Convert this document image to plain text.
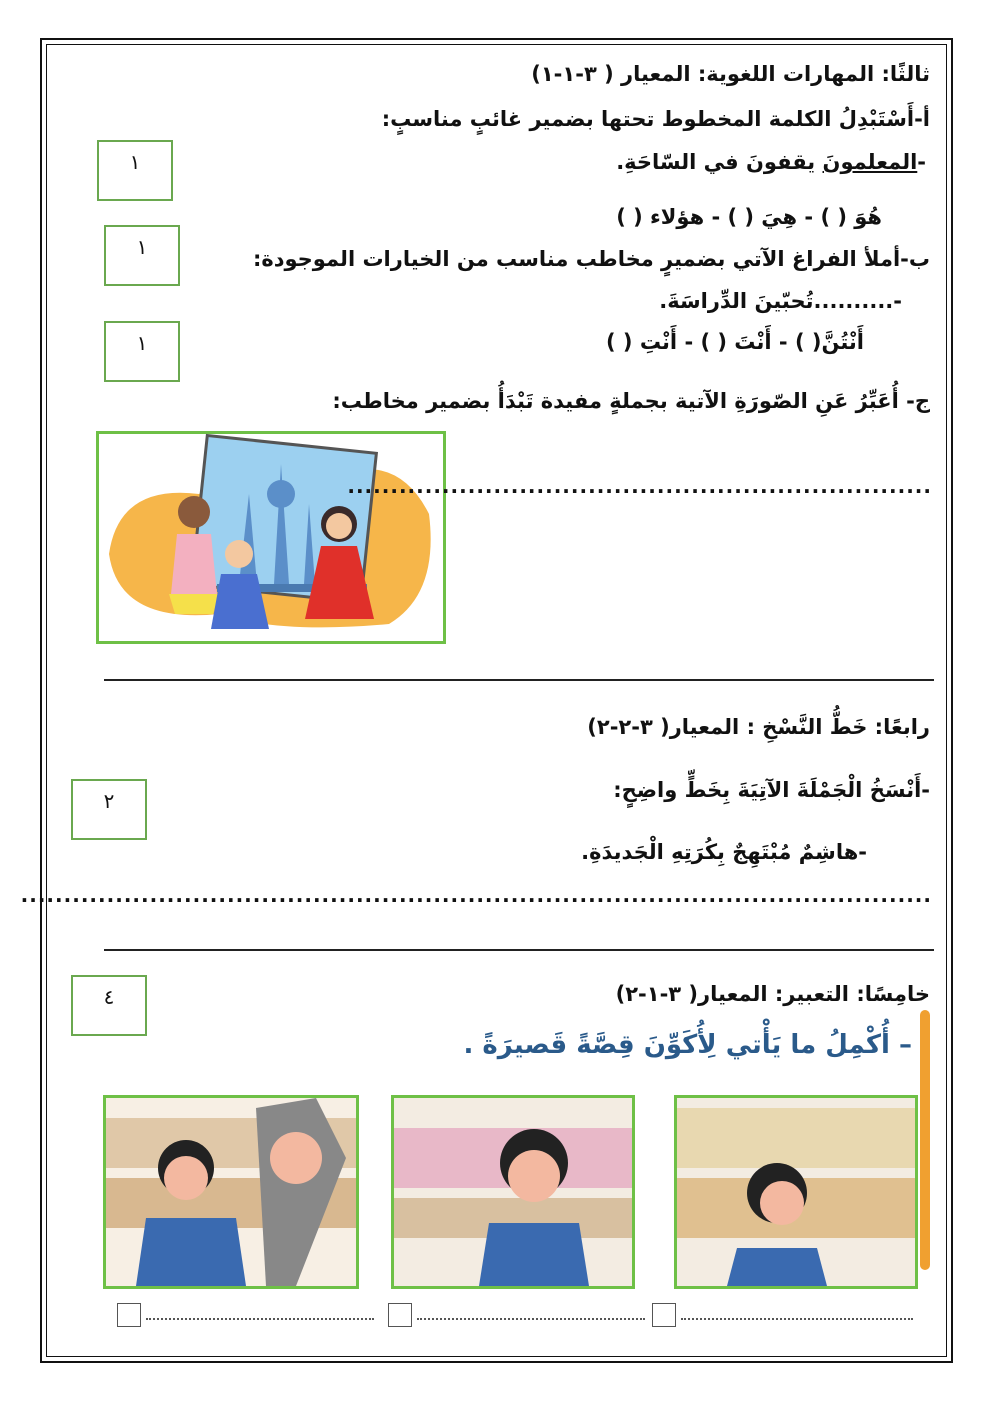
ثالثًا: المهارات اللغوية: المعيار ( ٣-١-١)
أ-أَسْتَبْدِلُ الكلمة المخطوط تحتها بضمير غائبٍ مناسبٍ:
-المعلمونَ يقفونَ في السّاحَةِ.
١
هُوَ ( ) - هِيَ ( ) - هؤلاء ( )
ب-أملأ الفراغ الآتي بضميرٍ مخاطب مناسب من الخيارات الموجودة:
١
-..........تُحبّينَ الدِّراسَةَ.
أَنْتُنَّ( ) - أَنْتَ ( ) - أَنْتِ ( )
١
ج- أُعَبِّرُ عَنِ الصّورَةِ الآتية بجملةٍ مفيدة تَبْدَأُ بضمير مخاطب:
....................................................................
رابعًا: خَطُّ النَّسْخِ : المعيار( ٣-٢-٢)
٢	-أَنْسَخُ الْجَمْلَةَ الآتِيَةَ بِخَطٍّ واضِحٍ:
-هاشِمٌ مُبْتَهِجٌ بِكُرَتِهِ الْجَديدَةِ.
..........................................................................................................
خامِسًا: التعبير: المعيار( ٣-١-٢)
٤
– أُكْمِلُ ما يَأْتي لِأُكَوِّنَ قِصَّةً قَصيرَةً .
